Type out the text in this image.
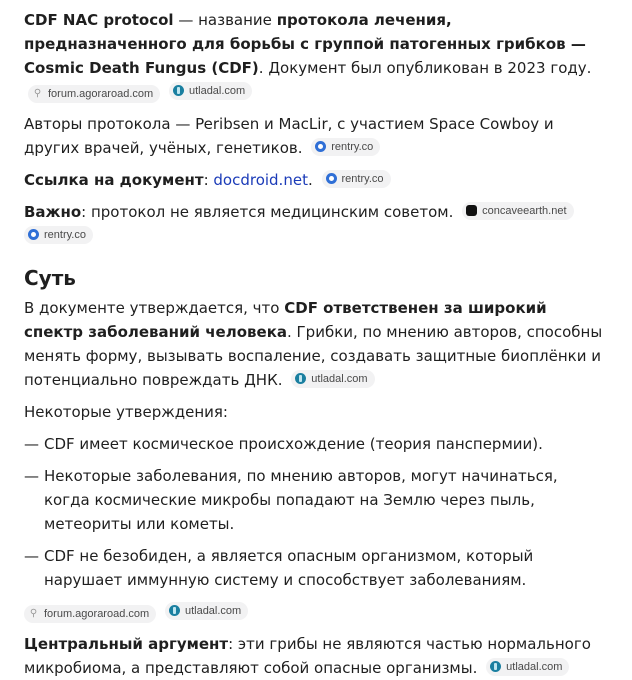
CDF NAC protocol — название протокола лечения, предназначенного для борьбы с группой патогенных грибков — Cosmic Death Fungus (CDF). Документ был опубликован в 2023 году.
⚲ forum.agoraroad.com
	utladal.com

Авторы протокола — Peribsen и MacLir, с участием Space Cowboy и других врачей, учёных, генетиков.	rentry.co

Ссылка на документ: docdroid.net.	rentry.co

Важно: протокол не является медицинским советом.	concaveearth.net

rentry.co

Суть

В документе утверждается, что CDF ответственен за широкий спектр заболеваний человека. Грибки, по мнению авторов, способны менять форму, вызывать воспаление, создавать защитные биоплёнки и потенциально повреждать ДНК.	utladal.com

Некоторые утверждения:

— CDF имеет космическое происхождение (теория панспермии).
— Некоторые заболевания, по мнению авторов, могут начинаться, когда космические микробы попадают на Землю через пыль, метеориты или кометы.
— CDF не безобиден, а является опасным организмом, который нарушает иммунную систему и способствует заболеваниям.

⚲ forum.agoraroad.com
	utladal.com

Центральный аргумент: эти грибы не являются частью нормального микробиома, а представляют собой опасные организмы.	utladal.com
